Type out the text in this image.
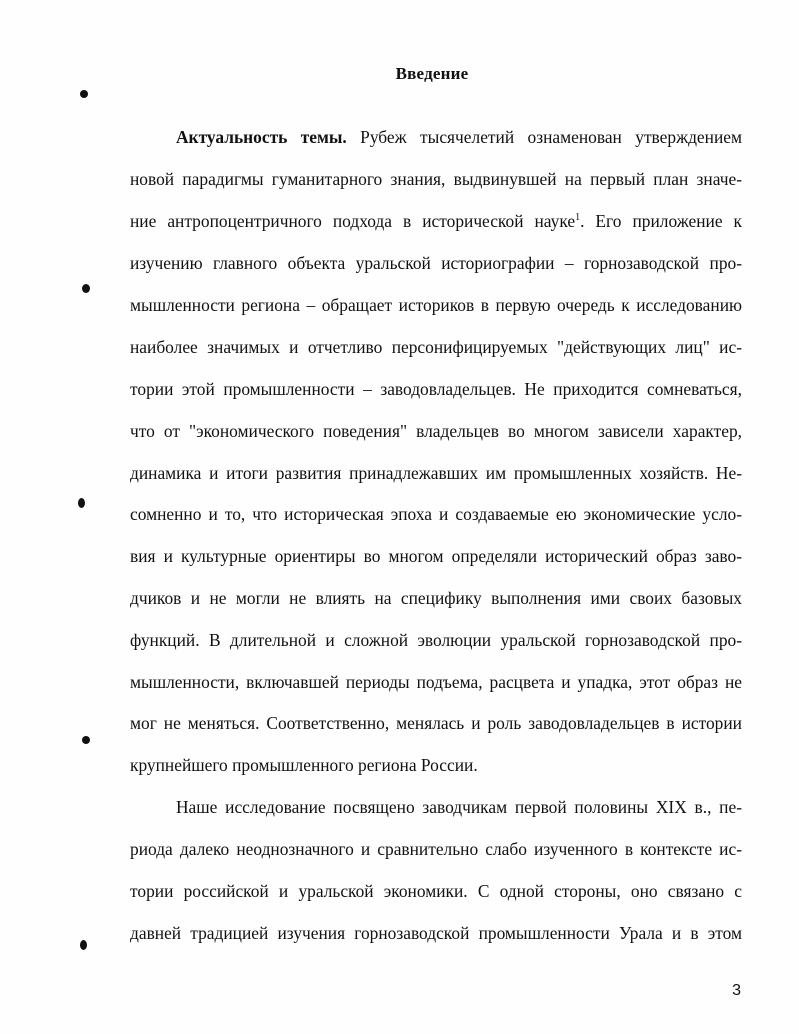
Введение
Актуальность темы. Рубеж тысячелетий ознаменован утверждением
новой парадигмы гуманитарного знания, выдвинувшей на первый план значе-
ние антропоцентричного подхода в исторической науке$^1$. Его приложение к
изучению главного объекта уральской историографии – горнозаводской про-
мышленности региона – обращает историков в первую очередь к исследованию
наиболее значимых и отчетливо персонифицируемых "действующих лиц" ис-
тории этой промышленности – заводовладельцев. Не приходится сомневаться,
что от "экономического поведения" владельцев во многом зависели характер,
динамика и итоги развития принадлежавших им промышленных хозяйств. Не-
сомненно и то, что историческая эпоха и создаваемые ею экономические усло-
вия и культурные ориентиры во многом определяли исторический образ заво-
дчиков и не могли не влиять на специфику выполнения ими своих базовых
функций. В длительной и сложной эволюции уральской горнозаводской про-
мышленности, включавшей периоды подъема, расцвета и упадка, этот образ не
мог не меняться. Соответственно, менялась и роль заводовладельцев в истории
крупнейшего промышленного региона России.
Наше исследование посвящено заводчикам первой половины XIX в., пе-
риода далеко неоднозначного и сравнительно слабо изученного в контексте ис-
тории российской и уральской экономики. С одной стороны, оно связано с
давней традицией изучения горнозаводской промышленности Урала и в этом
3
